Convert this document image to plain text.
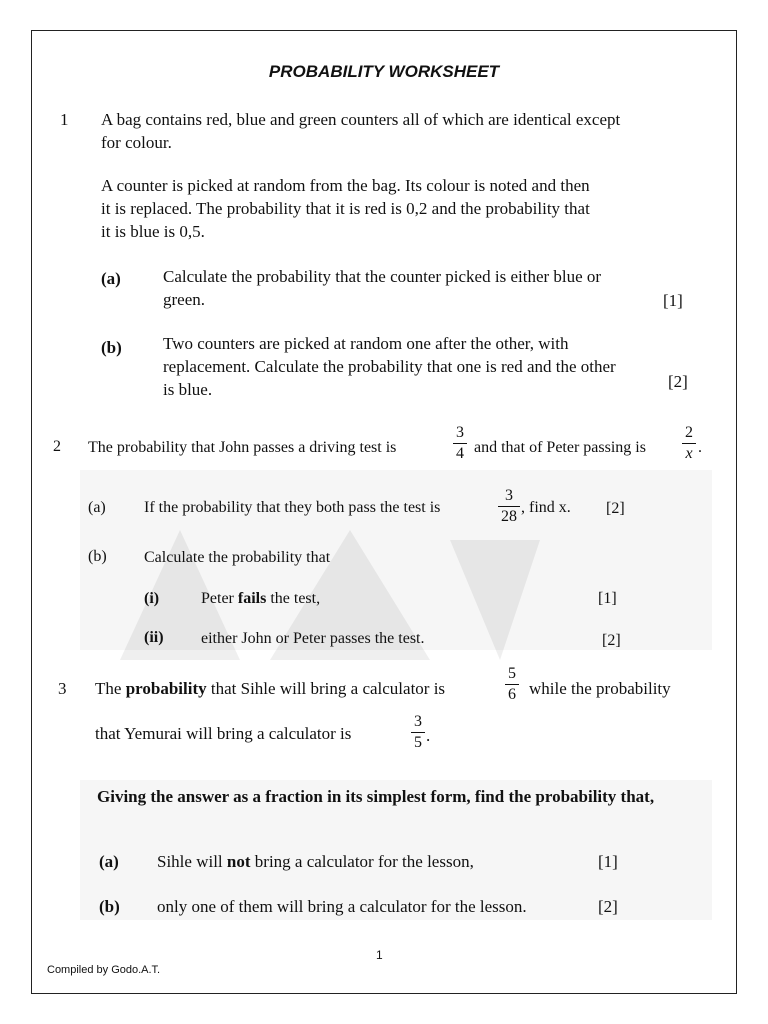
PROBABILITY WORKSHEET
1 A bag contains red, blue and green counters all of which are identical except
for colour.
A counter is picked at random from the bag. Its colour is noted and then
it is replaced. The probability that it is red is 0,2 and the probability that
it is blue is 0,5.
(a) Calculate the probability that the counter picked is either blue or
green.	[1]
(b) Two counters are picked at random one after the other, with
replacement. Calculate the probability that one is red and the other
is blue.	[2]
2 The probability that John passes a driving test is
3
4 and that of Peter passing is
2
x .
(a) If the probability that they both pass the test is
3
28
, find x. [2]
(b) Calculate the probability that
(i)	Peter fails the test,	[1]
(ii) either John or Peter passes the test.	[2]
3 The probability that Sihle will bring a calculator is
5
6 while the probability
that Yemurai will bring a calculator is
3
5 .
Giving the answer as a fraction in its simplest form, find the probability that,
(a) Sihle will not bring a calculator for the lesson,	[1]
(b) only one of them will bring a calculator for the lesson.	[2]
1
Compiled by Godo.A.T.
